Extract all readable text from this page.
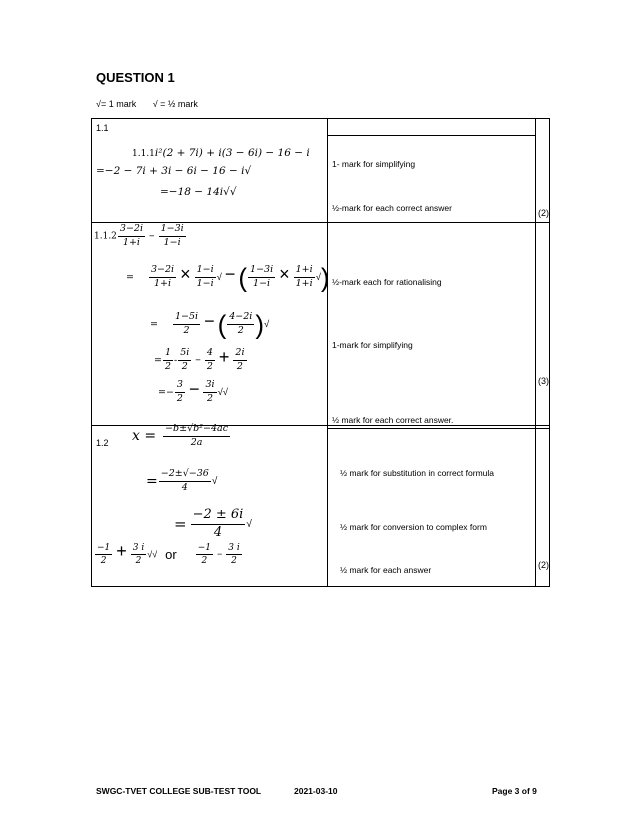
QUESTION 1
√= 1 mark √ = ½ mark
1.1
1.1.1i²(2 + 7i) + i(3 − 6i) − 16 − i
=−2 − 7i + 3i − 6i − 16 − i√
=−18 − 14i√√
1- mark for simplifying
½-mark for each correct answer	(2)
$1.1.2 \frac{3-2i}{1+i} - \frac{1-3i}{1-i}$
= $\frac{3-2i}{1+i} \times \frac{1-i}{1-i}$ √ − ( $\frac{1-3i}{1-i} \times \frac{1+i}{1+i}$ √)
= $\frac{1-5i}{2}$ − ( $\frac{4-2i}{2}$ )√
= $\frac{1}{2} - \frac{5i}{2} - \frac{4}{2} + \frac{2i}{2}$
=− $\frac{3}{2} - \frac{3i}{2}$ √√
½-mark each for rationalising
1-mark for simplifying
½ mark for each correct answer.
(3)
1.2 $x = \frac{\text{−b±√b²−4ac}}{2a}$
= $\frac{-2\pm√-36}{4}$ √
= $\frac{-2 \pm 6i}{4}$ √
$\frac{-1}{2} + \frac{3 i}{2}$ √√ or $\frac{-1}{2} - \frac{3 i}{2}$
½ mark for substitution in correct formula
½ mark for conversion to complex form
½ mark for each answer	(2)
SWGC-TVET COLLEGE SUB-TEST TOOL	2021-03-10	Page 3 of 9
